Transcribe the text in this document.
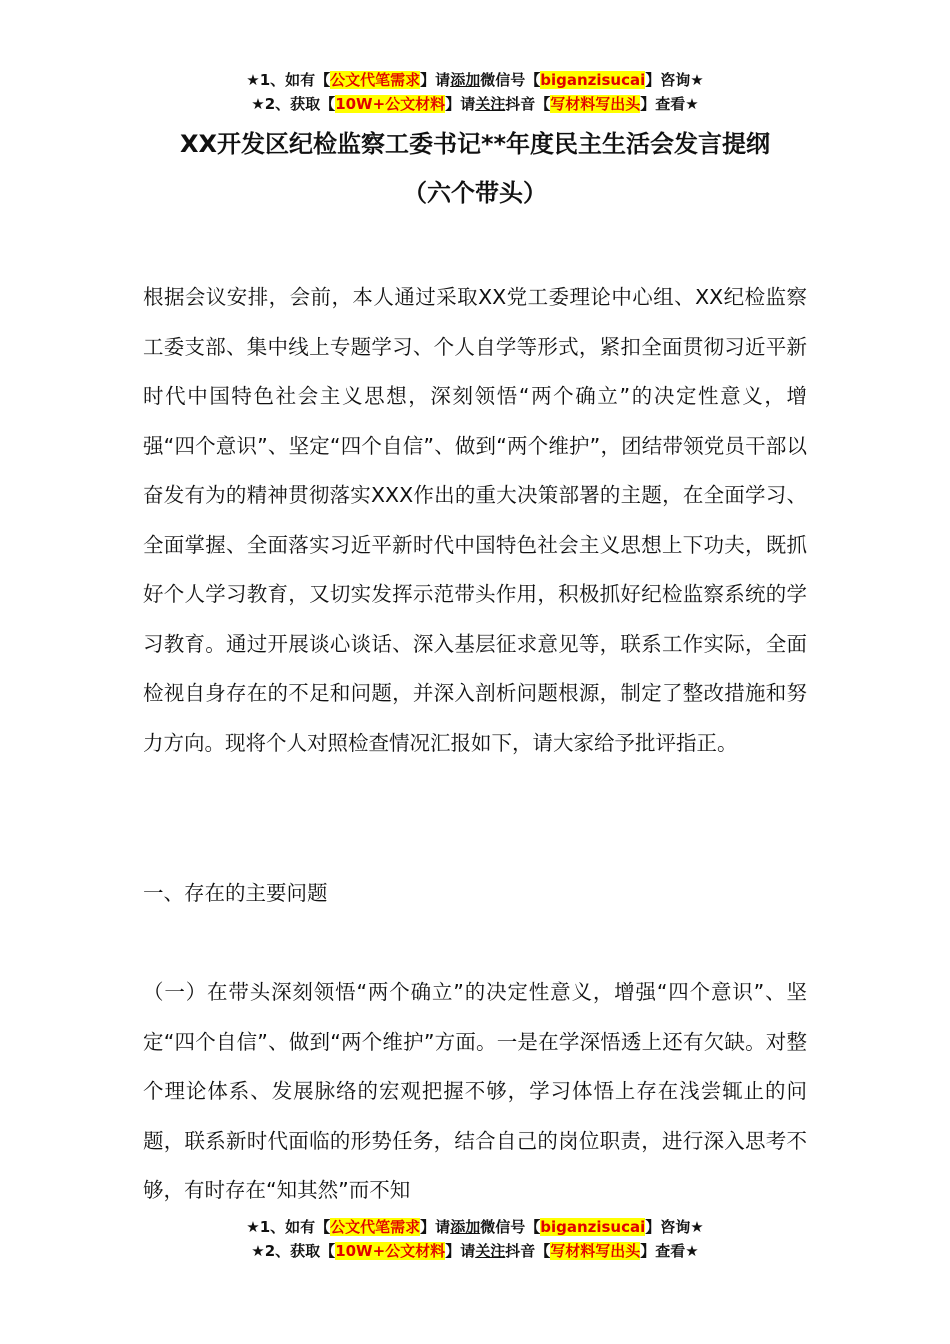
★1、如有【公文代笔需求】请添加微信号【biganzisucai】咨询★
★2、获取【10W+公文材料】请关注抖音【写材料写出头】查看★
XX开发区纪检监察工委书记**年度民主生活会发言提纲
（六个带头）
根据会议安排，会前，本人通过采取XX党工委理论中心组、XX纪检监察工委支部、集中线上专题学习、个人自学等形式，紧扣全面贯彻习近平新时代中国特色社会主义思想，深刻领悟“两个确立”的决定性意义，增强“四个意识”、坚定“四个自信”、做到“两个维护”，团结带领党员干部以奋发有为的精神贯彻落实XXX作出的重大决策部署的主题，在全面学习、全面掌握、全面落实习近平新时代中国特色社会主义思想上下功夫，既抓好个人学习教育，又切实发挥示范带头作用，积极抓好纪检监察系统的学习教育。通过开展谈心谈话、深入基层征求意见等，联系工作实际，全面检视自身存在的不足和问题，并深入剖析问题根源，制定了整改措施和努力方向。现将个人对照检查情况汇报如下，请大家给予批评指正。
一、存在的主要问题
（一）在带头深刻领悟“两个确立”的决定性意义，增强“四个意识”、坚定“四个自信”、做到“两个维护”方面。一是在学深悟透上还有欠缺。对整个理论体系、发展脉络的宏观把握不够，学习体悟上存在浅尝辄止的问题，联系新时代面临的形势任务，结合自己的岗位职责，进行深入思考不够，有时存在“知其然”而不知
★1、如有【公文代笔需求】请添加微信号【biganzisucai】咨询★
★2、获取【10W+公文材料】请关注抖音【写材料写出头】查看★
